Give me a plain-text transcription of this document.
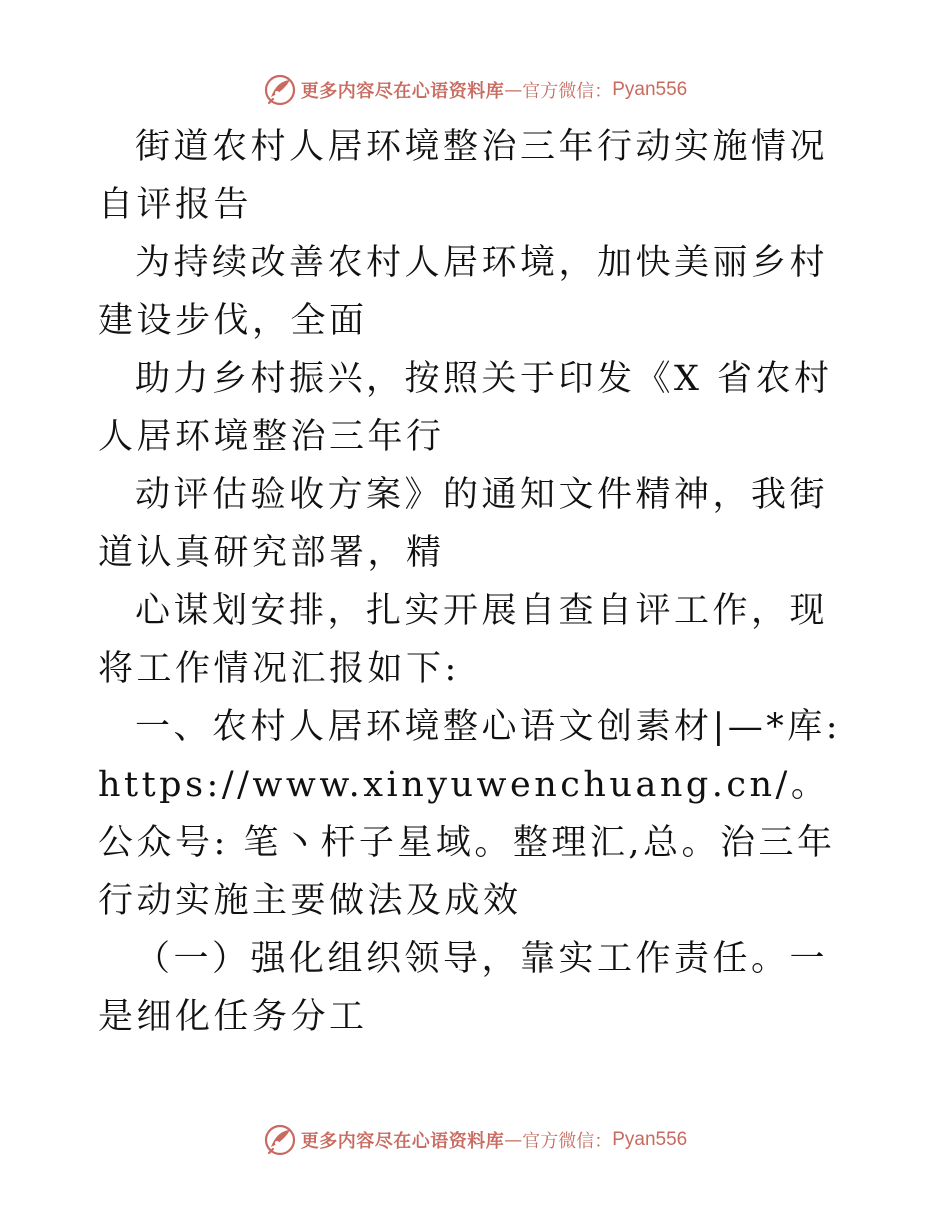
更多内容尽在心语资料库 — 官方微信： Pyan556

街道农村人居环境整治三年行动实施情况自评报告

为持续改善农村人居环境，加快美丽乡村建设步伐，全面

助力乡村振兴，按照关于印发《X 省农村人居环境整治三年行

动评估验收方案》的通知文件精神，我街道认真研究部署，精

心谋划安排，扎实开展自查自评工作，现将工作情况汇报如下:

一、农村人居环境整心语文创素材|—*库: https://www.xinyuwenchuang.cn/。公众号: 笔丶杆子星域。整理汇,总。治三年行动实施主要做法及成效

（一）强化组织领导，靠实工作责任。一是细化任务分工

更多内容尽在心语资料库 — 官方微信： Pyan556
